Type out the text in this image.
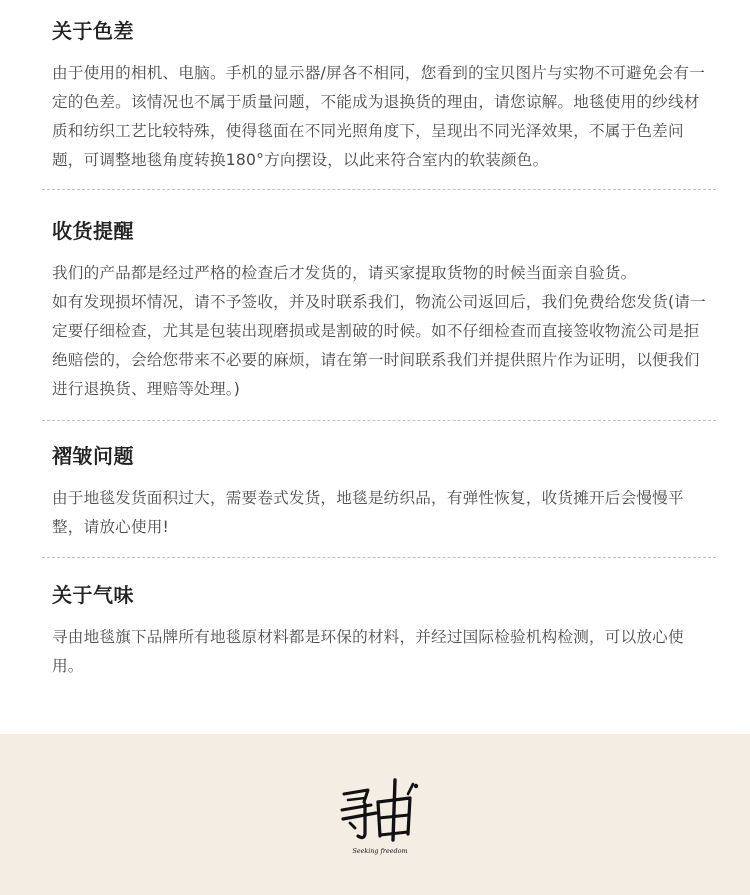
关于色差

由于使用的相机、电脑。手机的显示器/屏各不相同，您看到的宝贝图片与实物不可避免会有一定的色差。该情况也不属于质量问题，不能成为退换货的理由，请您谅解。地毯使用的纱线材质和纺织工艺比较特殊，使得毯面在不同光照角度下，呈现出不同光泽效果，不属于色差问题，可调整地毯角度转换180°方向摆设，以此来符合室内的软装颜色。

收货提醒

我们的产品都是经过严格的检查后才发货的，请买家提取货物的时候当面亲自验货。

如有发现损坏情况，请不予签收，并及时联系我们，物流公司返回后，我们免费给您发货(请一定要仔细检查，尤其是包装出现磨损或是割破的时候。如不仔细检查而直接签收物流公司是拒绝赔偿的，会给您带来不必要的麻烦，请在第一时间联系我们并提供照片作为证明，以便我们进行退换货、理赔等处理。)

褶皱问题

由于地毯发货面积过大，需要卷式发货，地毯是纺织品，有弹性恢复，收货摊开后会慢慢平整，请放心使用!

关于气味

寻由地毯旗下品牌所有地毯原材料都是环保的材料，并经过国际检验机构检测，可以放心使用。

Seeking freedom
